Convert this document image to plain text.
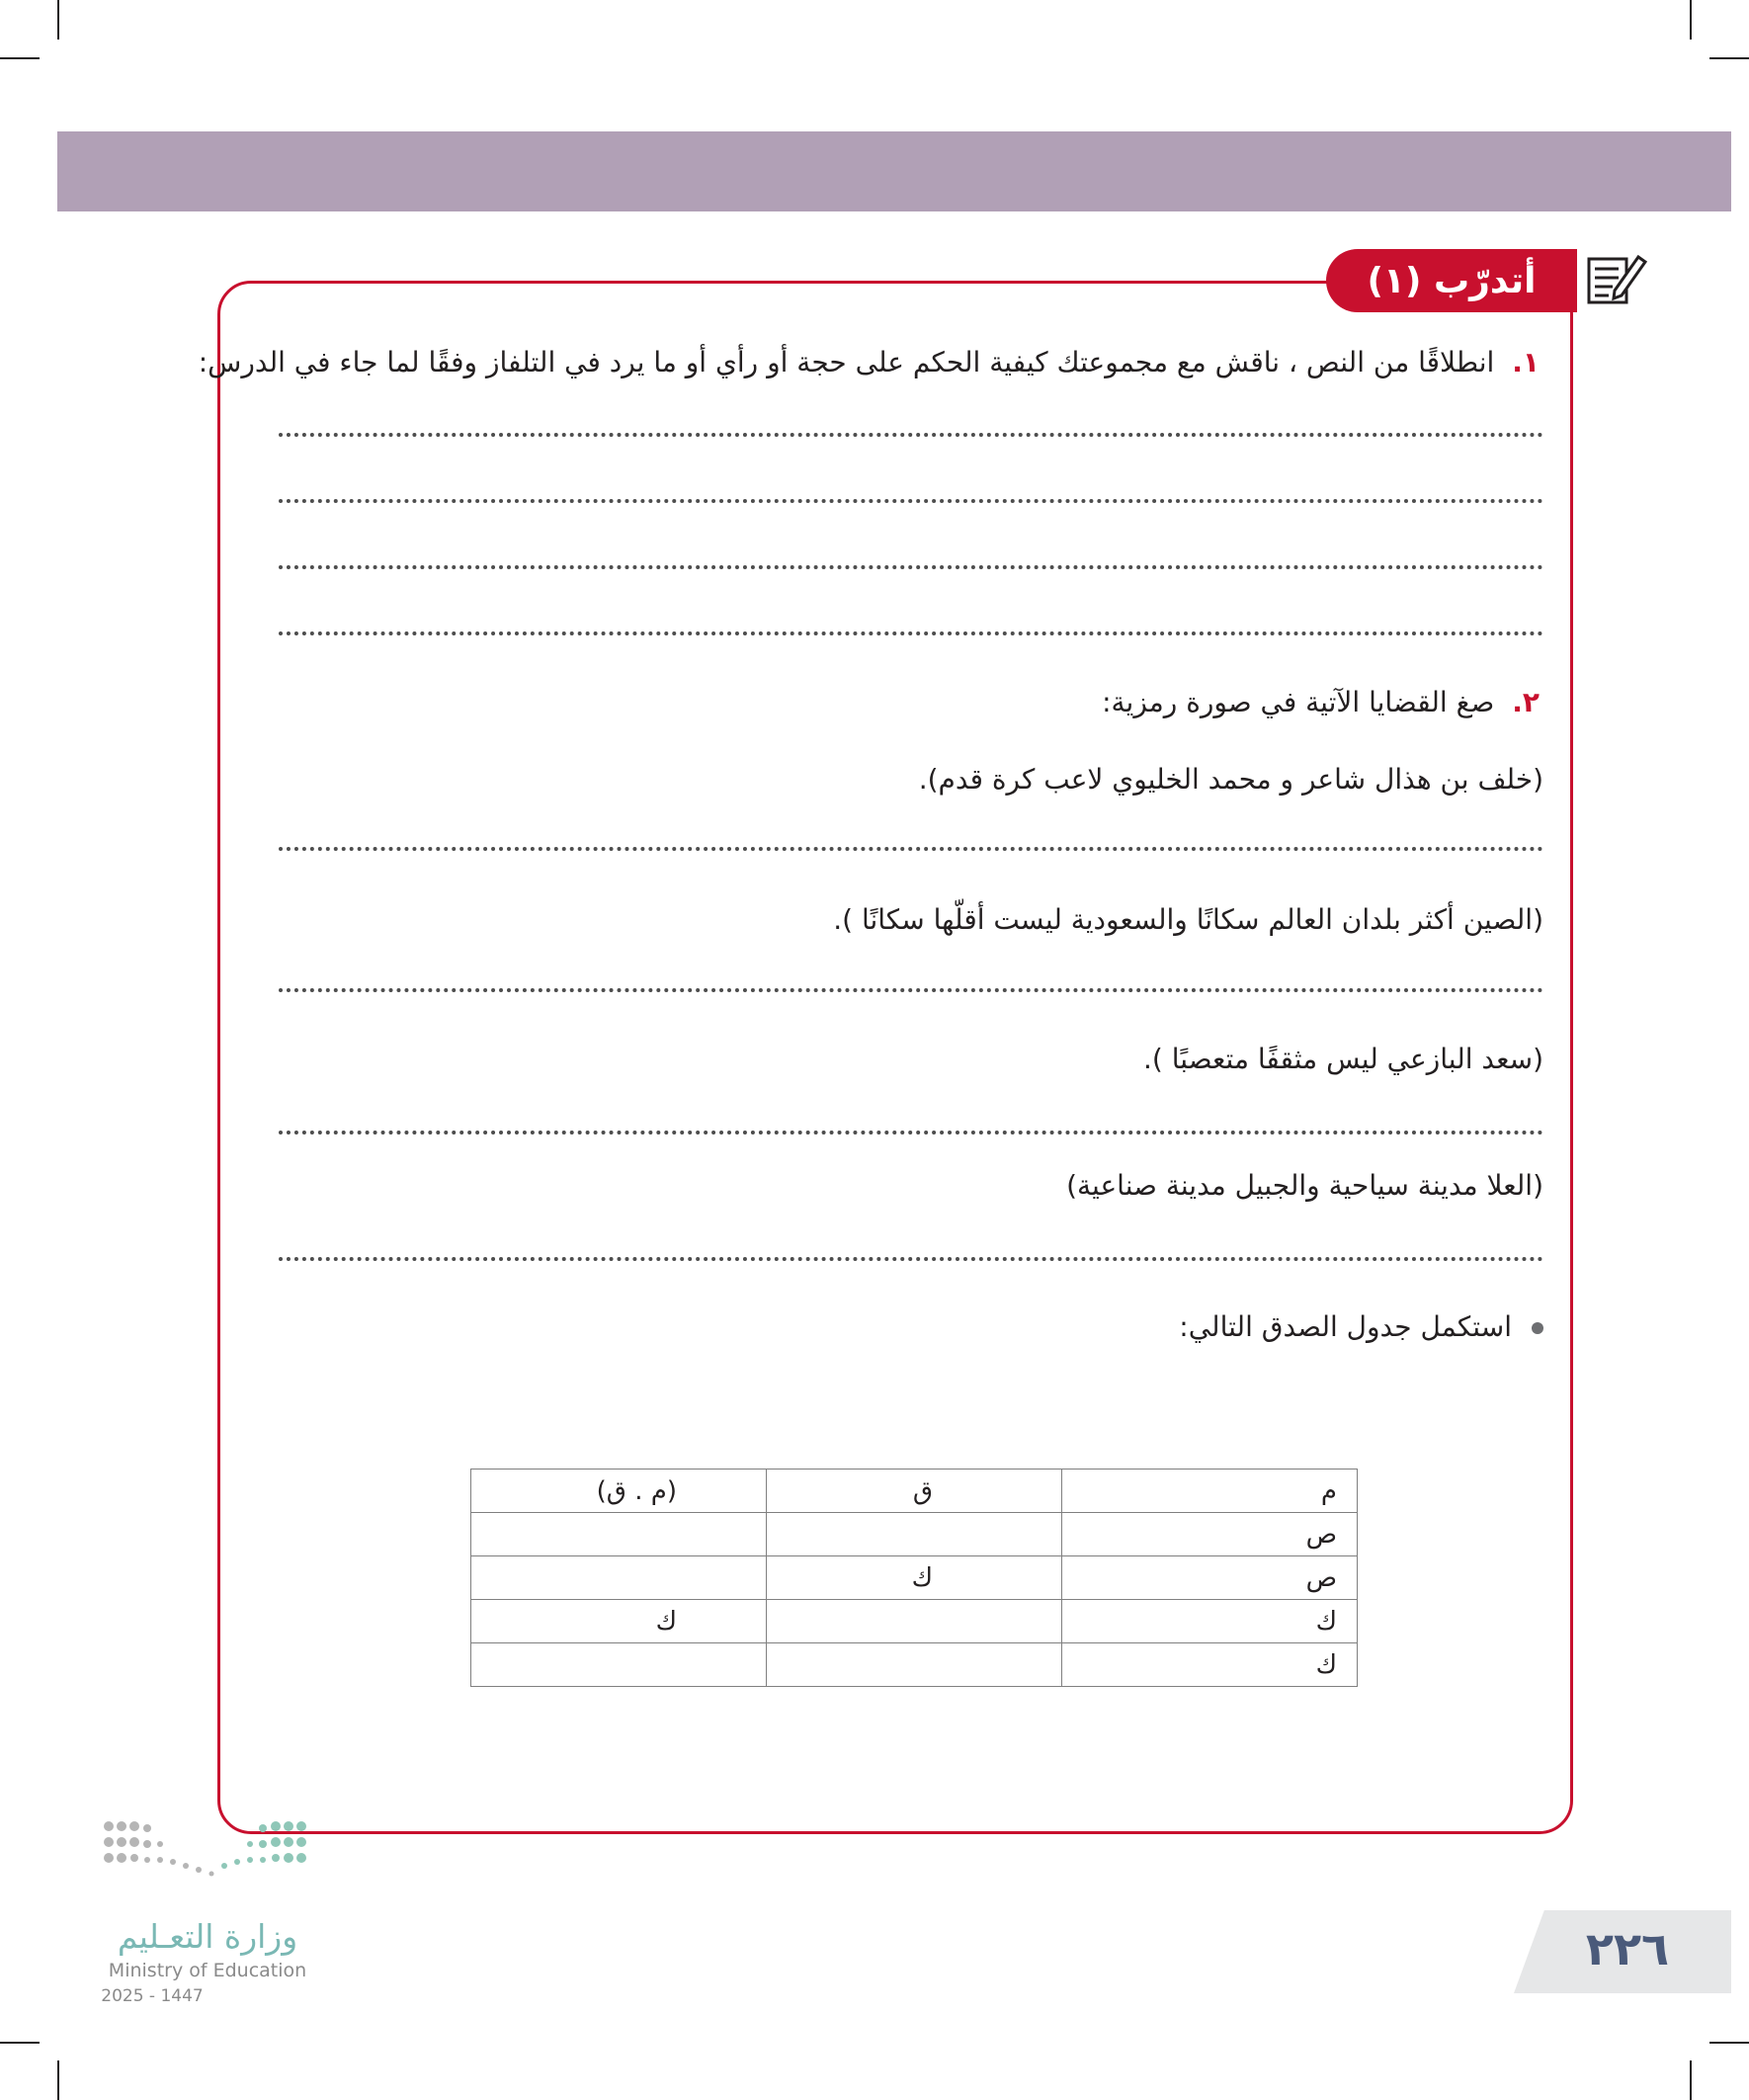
أتدرّب (١)
١.انطلاقًا من النص ، ناقش مع مجموعتك كيفية الحكم على حجة أو رأي أو ما يرد في التلفاز وفقًا لما جاء في الدرس:
٢.صغ القضايا الآتية في صورة رمزية:
(خلف بن هذال شاعر و محمد الخليوي لاعب كرة قدم).
(الصين أكثر بلدان العالم سكانًا والسعودية ليست أقلّها سكانًا ).
(سعد البازعي ليس مثقفًا متعصبًا ).
(العلا مدينة سياحية والجبيل مدينة صناعية)
استكمل جدول الصدق التالي:
م	ق	(م . ق)
ص		
ص	ك	
ك		ك
ك		
وزارة التعـليم
Ministry of Education
2025 - 1447
٢٢٦
